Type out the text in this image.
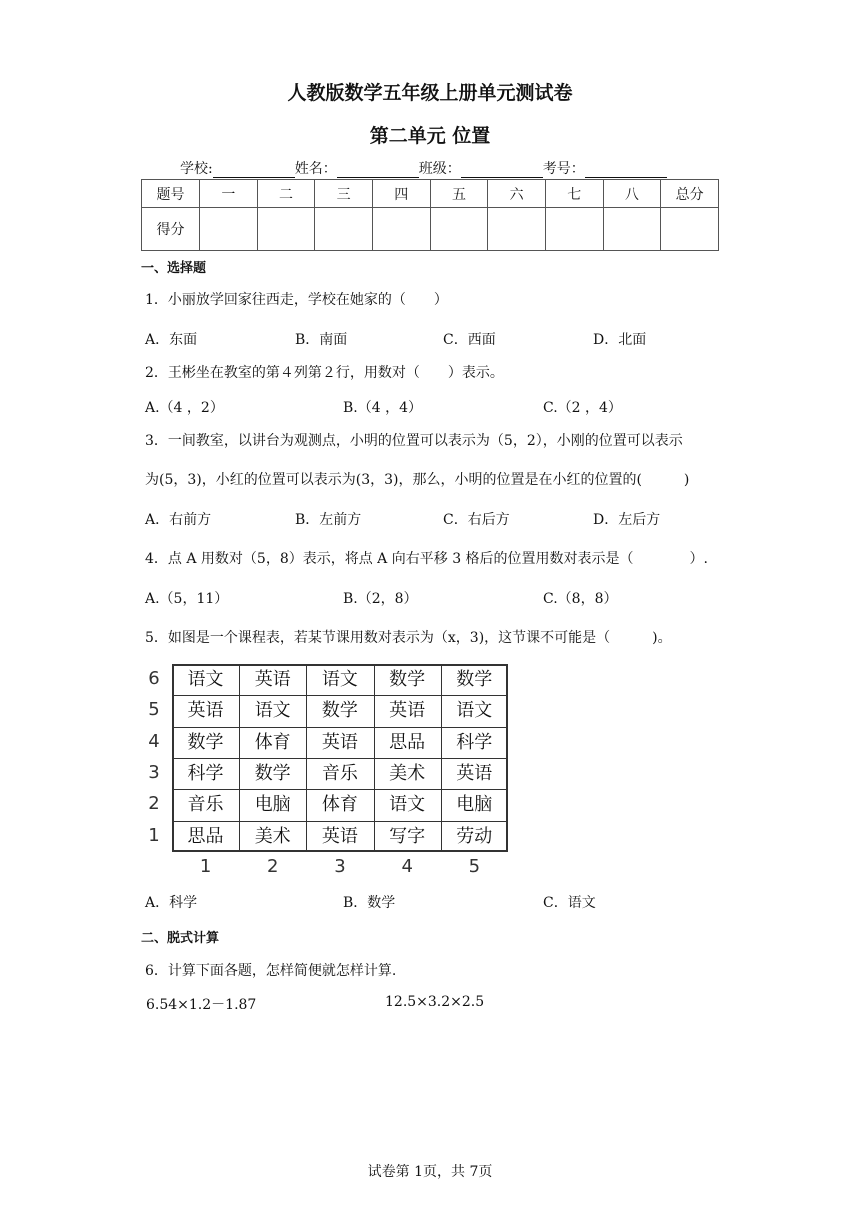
人教版数学五年级上册单元测试卷
第二单元 位置
学校:	姓名：	班级：	考号：
题号	一	二	三	四	五	六	七	八	总分
得分									
一、选择题
1．小丽放学回家往西走，学校在她家的（　　）
A．东面	B．南面	C．西面	D．北面
2．王彬坐在教室的第４列第２行，用数对（　　）表示。
A.（4 ，2）	B.（4 ，4）	C.（2 ，4）
3．一间教室，以讲台为观测点，小明的位置可以表示为（5，2），小刚的位置可以表示
为(5，3)，小红的位置可以表示为(3，3)，那么，小明的位置是在小红的位置的(　　　)
A．右前方	B．左前方	C．右后方	D．左后方
4．点 A 用数对（5，8）表示，将点 A 向右平移 3 格后的位置用数对表示是（　　　　）.
A.（5，11）	B.（2，8）	C.（8，8）
5．如图是一个课程表，若某节课用数对表示为（x，3)，这节课不可能是（　　　)。
语文	英语	语文	数学	数学
英语	语文	数学	英语	语文
数学	体育	英语	思品	科学
科学	数学	音乐	美术	英语
音乐	电脑	体育	语文	电脑
思品	美术	英语	写字	劳动
6
5
4
3
2
1
1	2	3	4	5
A．科学	B．数学	C．语文
二、脱式计算
6．计算下面各题，怎样简便就怎样计算.
6.54×1.2－1.87	12.5×3.2×2.5
试卷第 1页，共 7页
